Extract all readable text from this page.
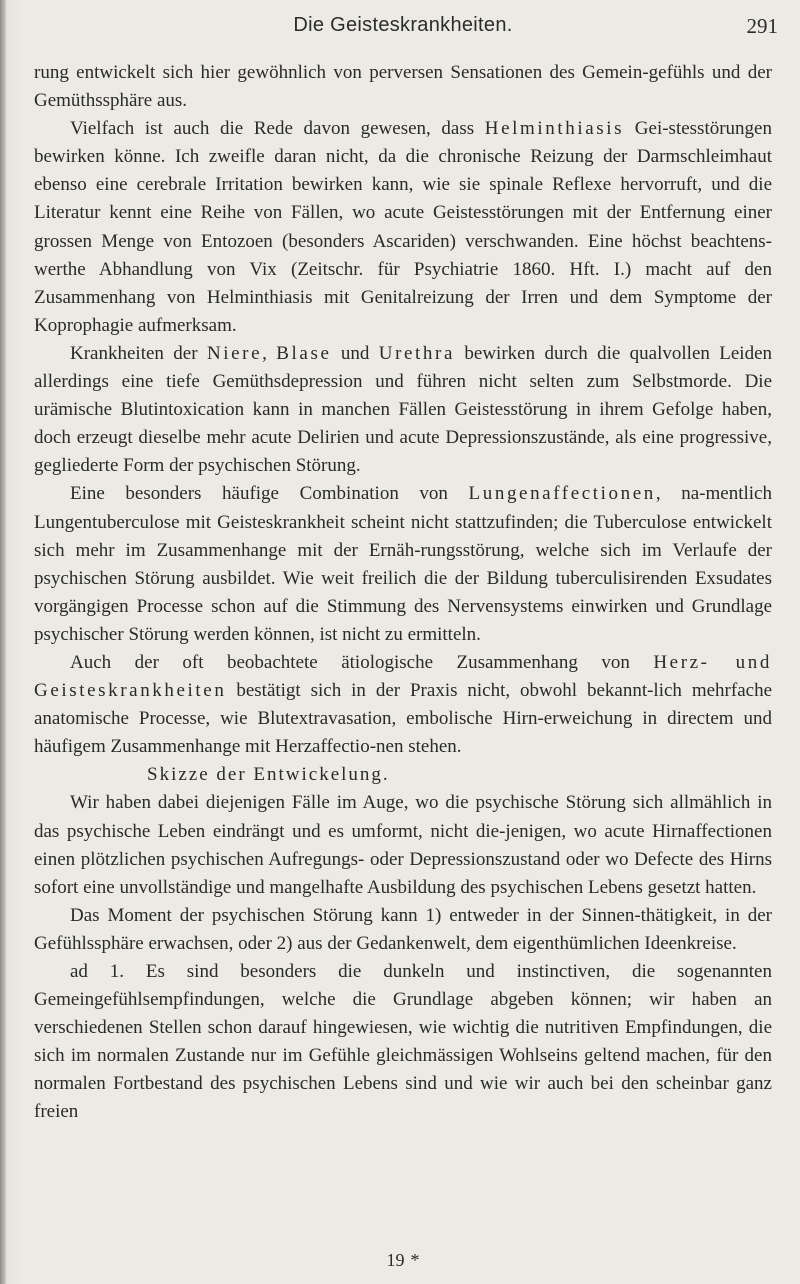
Die Geisteskrankheiten.	291

rung entwickelt sich hier gewöhnlich von perversen Sensationen des Gemein-gefühls und der Gemüthssphäre aus.

Vielfach ist auch die Rede davon gewesen, dass Helminthiasis Gei-stesstörungen bewirken könne. Ich zweifle daran nicht, da die chronische Reizung der Darmschleimhaut ebenso eine cerebrale Irritation bewirken kann, wie sie spinale Reflexe hervorruft, und die Literatur kennt eine Reihe von Fällen, wo acute Geistesstörungen mit der Entfernung einer grossen Menge von Entozoen (besonders Ascariden) verschwanden. Eine höchst beachtens-werthe Abhandlung von Vix (Zeitschr. für Psychiatrie 1860. Hft. I.) macht auf den Zusammenhang von Helminthiasis mit Genitalreizung der Irren und dem Symptome der Koprophagie aufmerksam.

Krankheiten der Niere, Blase und Urethra bewirken durch die qualvollen Leiden allerdings eine tiefe Gemüthsdepression und führen nicht selten zum Selbstmorde. Die urämische Blutintoxication kann in manchen Fällen Geistesstörung in ihrem Gefolge haben, doch erzeugt dieselbe mehr acute Delirien und acute Depressionszustände, als eine progressive, gegliederte Form der psychischen Störung.

Eine besonders häufige Combination von Lungenaffectionen, na-mentlich Lungentuberculose mit Geisteskrankheit scheint nicht stattzufinden; die Tuberculose entwickelt sich mehr im Zusammenhange mit der Ernäh-rungsstörung, welche sich im Verlaufe der psychischen Störung ausbildet. Wie weit freilich die der Bildung tuberculisirenden Exsudates vorgängigen Processe schon auf die Stimmung des Nervensystems einwirken und Grundlage psychischer Störung werden können, ist nicht zu ermitteln.

Auch der oft beobachtete ätiologische Zusammenhang von Herz- und Geisteskrankheiten bestätigt sich in der Praxis nicht, obwohl bekannt-lich mehrfache anatomische Processe, wie Blutextravasation, embolische Hirn-erweichung in directem und häufigem Zusammenhange mit Herzaffectio-nen stehen.

Skizze der Entwickelung.

Wir haben dabei diejenigen Fälle im Auge, wo die psychische Störung sich allmählich in das psychische Leben eindrängt und es umformt, nicht die-jenigen, wo acute Hirnaffectionen einen plötzlichen psychischen Aufregungs- oder Depressionszustand oder wo Defecte des Hirns sofort eine unvollständige und mangelhafte Ausbildung des psychischen Lebens gesetzt hatten.

Das Moment der psychischen Störung kann 1) entweder in der Sinnen-thätigkeit, in der Gefühlssphäre erwachsen, oder 2) aus der Gedankenwelt, dem eigenthümlichen Ideenkreise.

ad 1. Es sind besonders die dunkeln und instinctiven, die sogenannten Gemeingefühlsempfindungen, welche die Grundlage abgeben können; wir haben an verschiedenen Stellen schon darauf hingewiesen, wie wichtig die nutritiven Empfindungen, die sich im normalen Zustande nur im Gefühle gleichmässigen Wohlseins geltend machen, für den normalen Fortbestand des psychischen Lebens sind und wie wir auch bei den scheinbar ganz freien

19 *
